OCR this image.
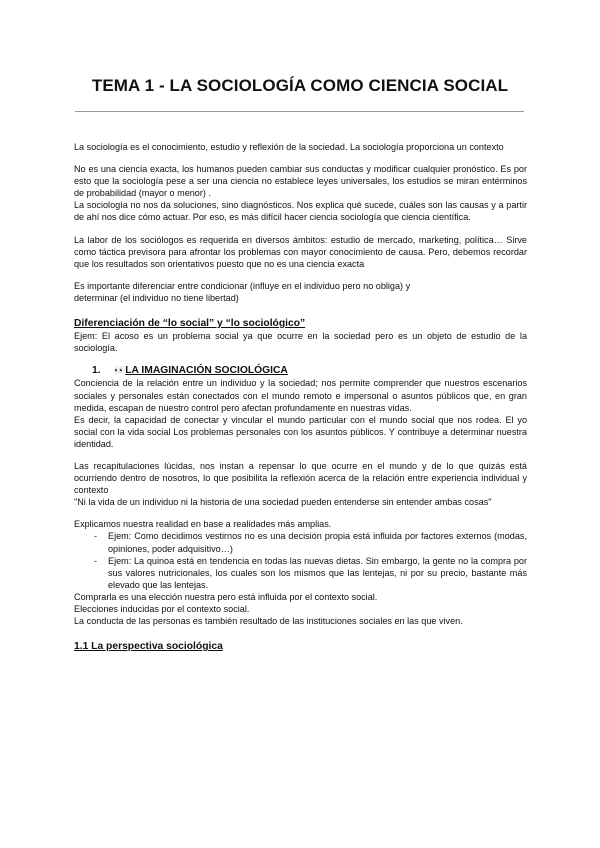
TEMA 1 - LA SOCIOLOGÍA COMO CIENCIA SOCIAL

La sociología es el conocimiento, estudio y reflexión de la sociedad. La sociología proporciona un contexto

No es una ciencia exacta, los humanos pueden cambiar sus conductas y modificar cualquier pronóstico. Es por esto que la sociología pese a ser una ciencia no establece leyes universales, los estudios se miran entérminos de probabilidad (mayor o menor) .

La sociología no nos da soluciones, sino diagnósticos. Nos explica qué sucede, cuáles son las causas y a partir de ahí nos dice cómo actuar. Por eso, es más difícil hacer ciencia sociología que ciencia científica.

La labor de los sociólogos es requerida en diversos ámbitos: estudio de mercado, marketing, política… Sirve como táctica previsora para afrontar los problemas con mayor conocimiento de causa. Pero, debemos recordar que los resultados son orientativos puesto que no es una ciencia exacta

Es importante diferenciar entre condicionar (influye en el individuo pero no obliga) y

determinar (el individuo no tiene libertad)

Diferenciación de “lo social” y “lo sociológico”

Ejem: El acoso es un problema social ya que ocurre en la sociedad pero es un objeto de estudio de la sociología.

1. 👀LA IMAGINACIÓN SOCIOLÓGICA

Conciencia de la relación entre un individuo y la sociedad; nos permite comprender que nuestros escenarios sociales y personales están conectados con el mundo remoto e impersonal o asuntos públicos que, en gran medida, escapan de nuestro control pero afectan profundamente en nuestras vidas.

Es decir, la capacidad de conectar y vincular el mundo particular con el mundo social que nos rodea. El yo social con la vida social Los problemas personales con los asuntos públicos. Y contribuye a determinar nuestra identidad.

Las recapitulaciones lúcidas, nos instan a repensar lo que ocurre en el mundo y de lo que quizás está ocurriendo dentro de nosotros, lo que posibilita la reflexión acerca de la relación entre experiencia individual y contexto

"Ni la vida de un individuo ni la historia de una sociedad pueden entenderse sin entender ambas cosas"

Explicamos nuestra realidad en base a realidades más amplias.

- Ejem: Como decidimos vestirnos no es una decisión propia está influida por factores externos (modas, opiniones, poder adquisitivo…)
- Ejem: La quinoa está en tendencia en todas las nuevas dietas. Sin embargo, la gente no la compra por sus valores nutricionales, los cuales son los mismos que las lentejas, ni por su precio, bastante más elevado que las lentejas.

Comprarla es una elección nuestra pero está influida por el contexto social.

Elecciones inducidas por el contexto social.

La conducta de las personas es también resultado de las instituciones sociales en las que viven.

1.1 La perspectiva sociológica
